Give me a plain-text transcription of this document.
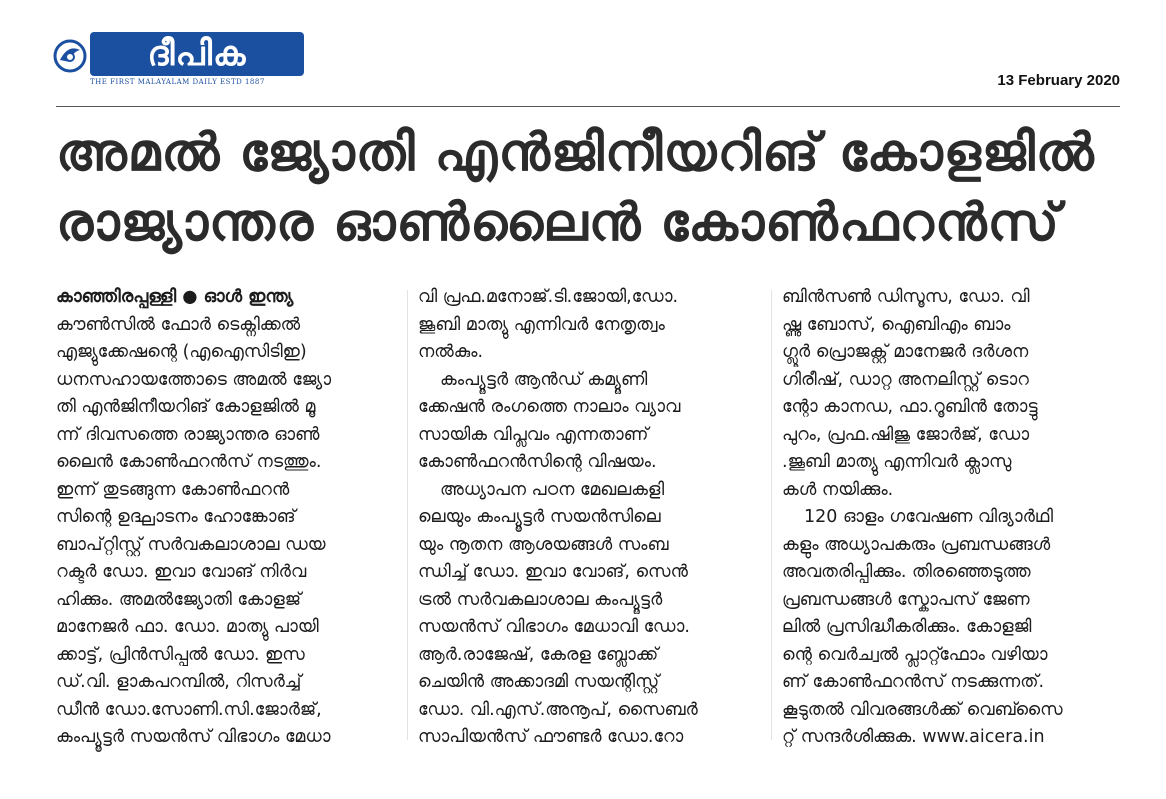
ദീപിക
THE FIRST MALAYALAM DAILY ESTD 1887	13 February 2020
അമൽ ജ്യോതി എൻജിനീയറിങ് കോളജിൽ
രാജ്യാന്തര ഓൺലൈൻ കോൺഫറൻസ്
കാഞ്ഞിരപ്പള്ളി ● ഓൾ ഇന്ത്യ
കൗൺസിൽ ഫോർ ടെക്നിക്കൽ
എജ്യുക്കേഷന്റെ (എഐസിടിഇ)
ധനസഹായത്തോടെ അമൽ ജ്യോ
തി എൻജിനീയറിങ് കോളജിൽ മൂ
ന്ന് ദിവസത്തെ രാജ്യാന്തര ഓൺ
ലൈൻ കോൺഫറൻസ് നടത്തും.
ഇന്ന് തുടങ്ങുന്ന കോൺഫറൻ
സിന്റെ ഉദ്ഘാടനം ഹോങ്കോങ്
ബാപ്റ്റിസ്റ്റ് സർവകലാശാല ഡയ
റക്ടർ ഡോ. ഇവാ വോങ് നിർവ
ഹിക്കും. അമൽജ്യോതി കോളജ്
മാനേജർ ഫാ. ഡോ. മാത്യു പായി
ക്കാട്ട്, പ്രിൻസിപ്പൽ ഡോ. ഇസ
ഡ്.വി. ളാകപറമ്പിൽ, റിസർച്ച്
ഡീൻ ഡോ.സോണി.സി.ജോർജ്,
കംപ്യൂട്ടർ സയൻസ് വിഭാഗം മേധാ
വി പ്രഫ.മനോജ്.ടി.ജോയി,ഡോ.
ജൂബി മാത്യു എന്നിവർ നേതൃത്വം
നൽകും.
കംപ്യൂട്ടർ ആൻഡ് കമ്യൂണി
ക്കേഷൻ രംഗത്തെ നാലാം വ്യാവ
സായിക വിപ്ലവം എന്നതാണ്
കോൺഫറൻസിന്റെ വിഷയം.
അധ്യാപന പഠന മേഖലകളി
ലെയും കംപ്യൂട്ടർ സയൻസിലെ
യും നൂതന ആശയങ്ങൾ സംബ
ന്ധിച്ച് ഡോ. ഇവാ വോങ്, സെൻ
ട്രൽ സർവകലാശാല കംപ്യൂട്ടർ
സയൻസ് വിഭാഗം മേധാവി ഡോ.
ആർ.രാജേഷ്, കേരള ബ്ലോക്ക്
ചെയിൻ അക്കാദമി സയന്റിസ്റ്റ്
ഡോ. വി.എസ്.അനൂപ്, സൈബർ
സാപിയൻസ് ഫൗണ്ടർ ഡോ.റോ
ബിൻസൺ ഡിസൂസ, ഡോ. വി
ഷ്ണു ബോസ്, ഐബിഎം ബാം
ഗ്ലൂർ പ്രൊജക്റ്റ് മാനേജർ ദർശന
ഗിരീഷ്, ഡാറ്റ അനലിസ്റ്റ് ടൊറ
ന്റോ കാനഡ, ഫാ.റൂബിൻ തോട്ടു
പുറം, പ്രഫ.ഷിജു ജോർജ്, ഡോ
.ജൂബി മാത്യു എന്നിവർ ക്ലാസു
കൾ നയിക്കും.
120 ഓളം ഗവേഷണ വിദ്യാർഥി
കളും അധ്യാപകരും പ്രബന്ധങ്ങൾ
അവതരിപ്പിക്കും. തിരഞ്ഞെടുത്ത
പ്രബന്ധങ്ങൾ സ്കോപസ് ജേണ
ലിൽ പ്രസിദ്ധീകരിക്കും. കോളജി
ന്റെ വെർച്വൽ പ്ലാറ്റ്ഫോം വഴിയാ
ണ് കോൺഫറൻസ് നടക്കുന്നത്.
കൂടുതൽ വിവരങ്ങൾക്ക് വെബ്സൈ
റ്റ് സന്ദർശിക്കുക. www.aicera.in
